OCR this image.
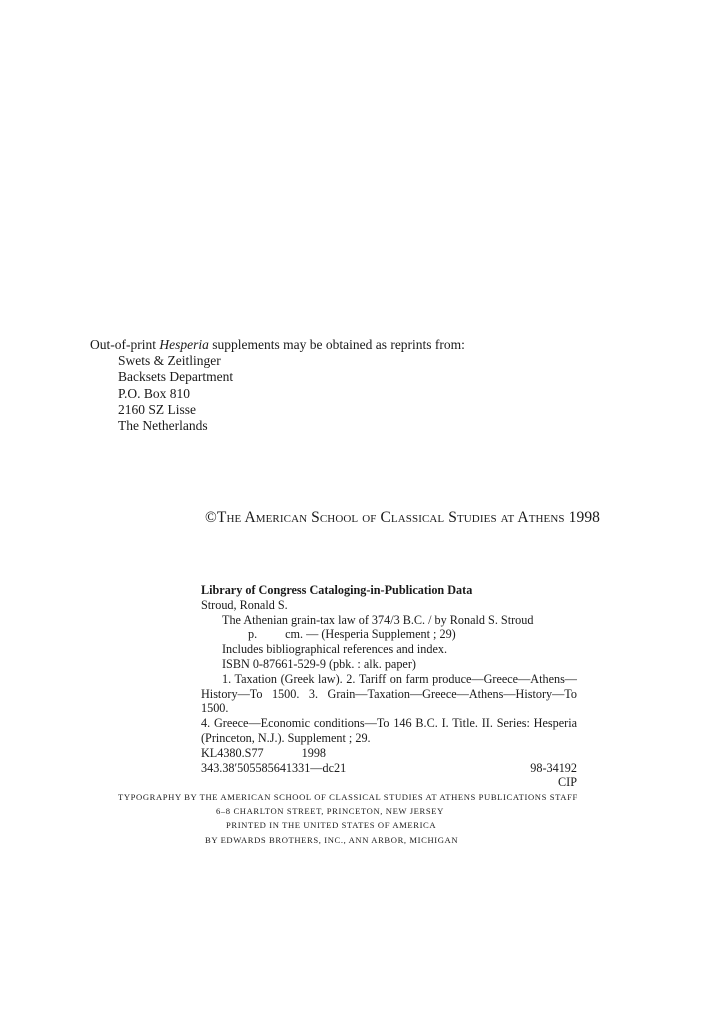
Out-of-print Hesperia supplements may be obtained as reprints from:
Swets & Zeitlinger
Backsets Department
P.O. Box 810
2160 SZ Lisse
The Netherlands
©The American School of Classical Studies at Athens 1998
Library of Congress Cataloging-in-Publication Data
Stroud, Ronald S.
The Athenian grain-tax law of 374/3 B.C. / by Ronald S. Stroud
p. cm. — (Hesperia Supplement ; 29)
Includes bibliographical references and index.
ISBN 0-87661-529-9 (pbk. : alk. paper)
1. Taxation (Greek law). 2. Tariff on farm produce—Greece—Athens—
History—To 1500. 3. Grain—Taxation—Greece—Athens—History—To 1500.
4. Greece—Economic conditions—To 146 B.C. I. Title. II. Series: Hesperia
(Princeton, N.J.). Supplement ; 29.
KL4380.S77	1998
343.38′505585641331—dc21	98-34192
CIP
TYPOGRAPHY BY THE AMERICAN SCHOOL OF CLASSICAL STUDIES AT ATHENS PUBLICATIONS STAFF
6–8 CHARLTON STREET, PRINCETON, NEW JERSEY
PRINTED IN THE UNITED STATES OF AMERICA
BY EDWARDS BROTHERS, INC., ANN ARBOR, MICHIGAN
